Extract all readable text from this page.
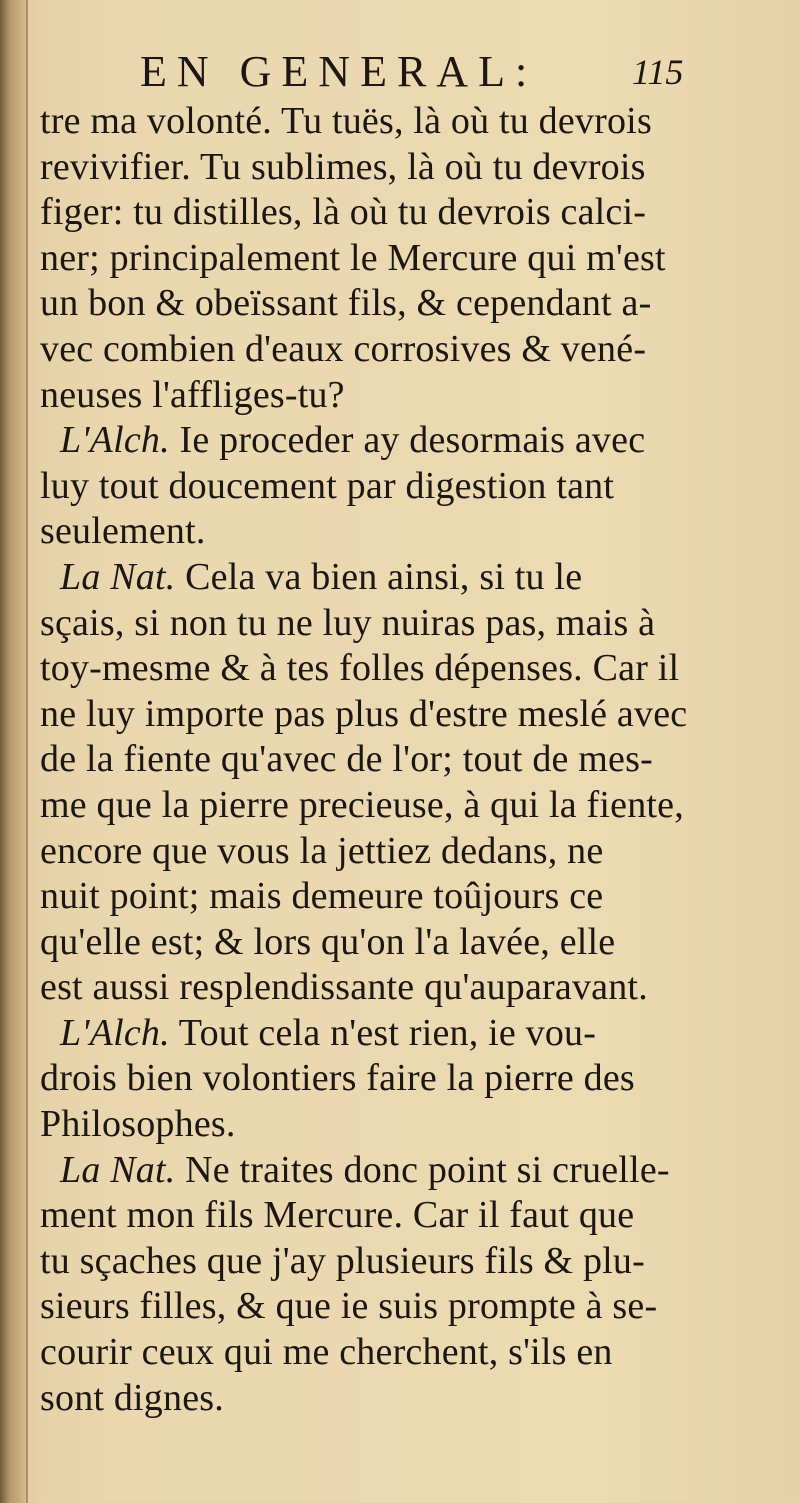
EN GENERAL:	115
tre ma volonté. Tu tuës, là où tu devrois
revivifier. Tu sublimes, là où tu devrois
figer: tu distilles, là où tu devrois calci-
ner; principalement le Mercure qui m'est
un bon & obeïssant fils, & cependant a-
vec combien d'eaux corrosives & vené-
neuses l'affliges-tu?
L'Alch. Ie proceder ay desormais avec
luy tout doucement par digestion tant
seulement.
La Nat. Cela va bien ainsi, si tu le
sçais, si non tu ne luy nuiras pas, mais à
toy-mesme & à tes folles dépenses. Car il
ne luy importe pas plus d'estre meslé avec
de la fiente qu'avec de l'or; tout de mes-
me que la pierre precieuse, à qui la fiente,
encore que vous la jettiez dedans, ne
nuit point; mais demeure toûjours ce
qu'elle est; & lors qu'on l'a lavée, elle
est aussi resplendissante qu'auparavant.
L'Alch. Tout cela n'est rien, ie vou-
drois bien volontiers faire la pierre des
Philosophes.
La Nat. Ne traites donc point si cruelle-
ment mon fils Mercure. Car il faut que
tu sçaches que j'ay plusieurs fils & plu-
sieurs filles, & que ie suis prompte à se-
courir ceux qui me cherchent, s'ils en
sont dignes.
